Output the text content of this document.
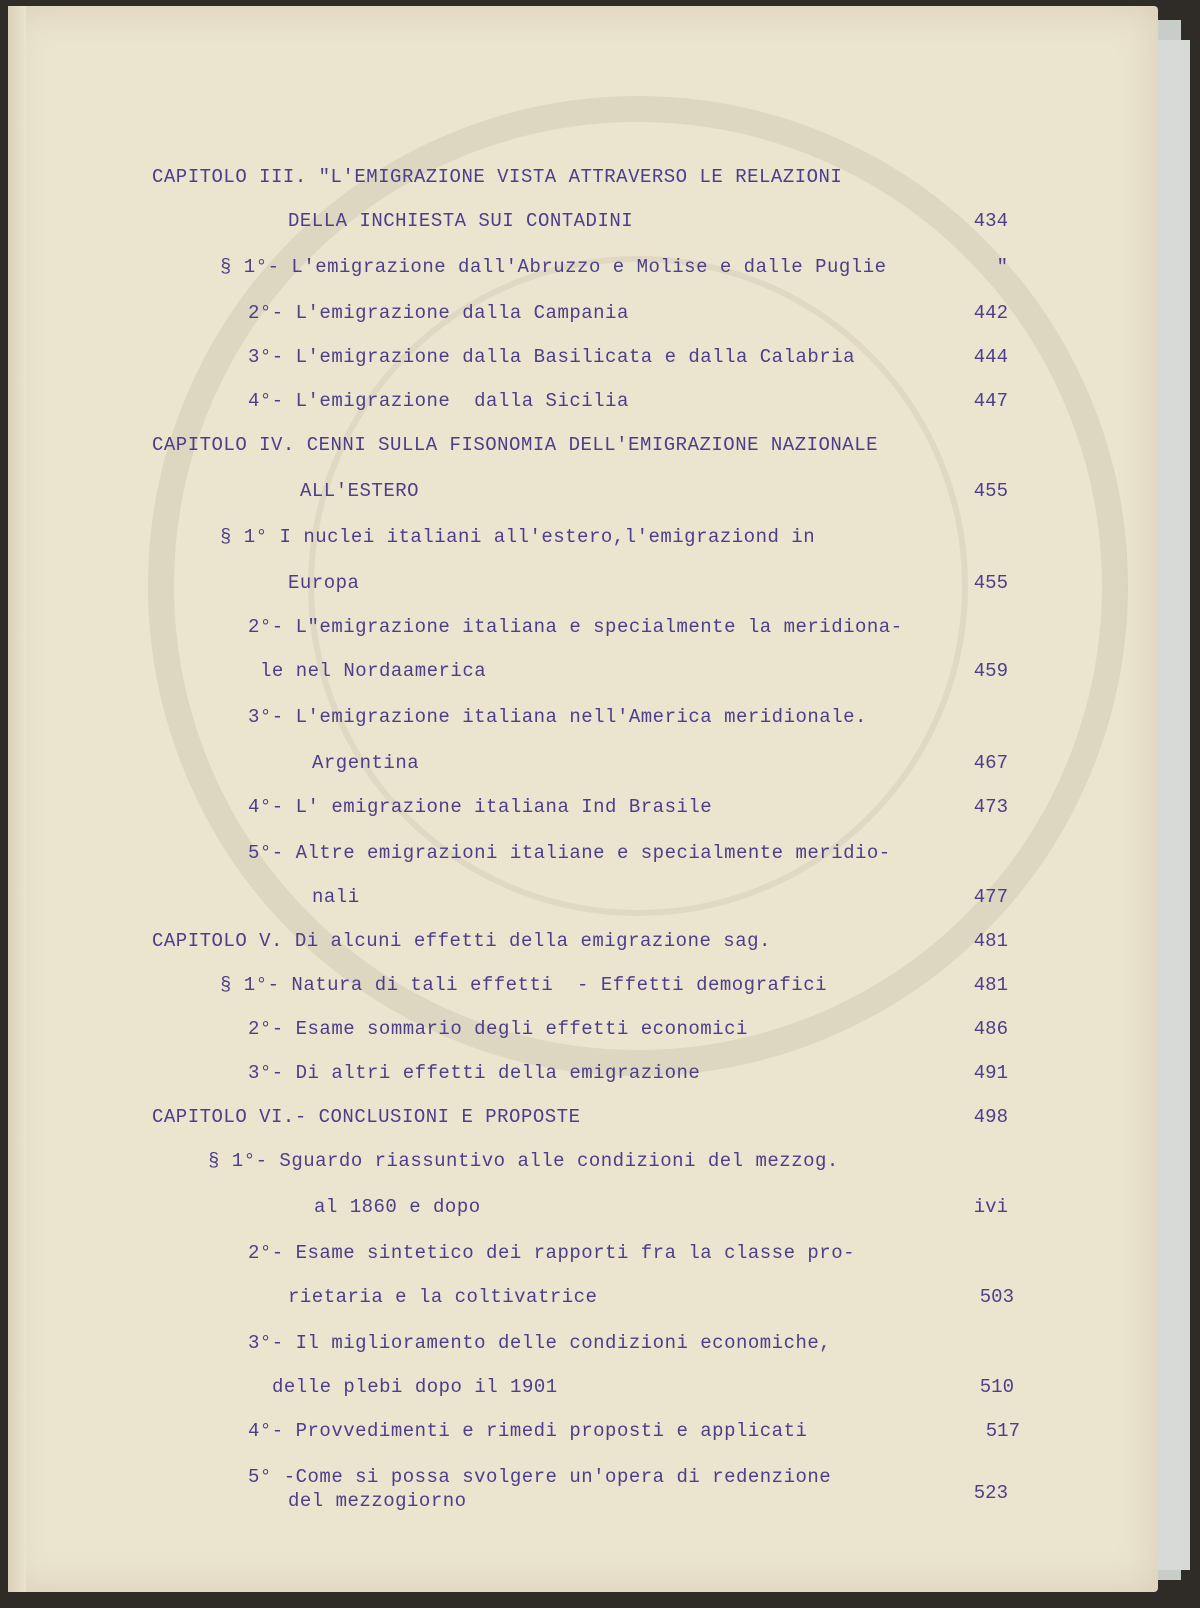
CAPITOLO III. "L'EMIGRAZIONE VISTA ATTRAVERSO LE RELAZIONI
DELLA INCHIESTA SUI CONTADINI	434
§ 1°- L'emigrazione dall'Abruzzo e Molise e dalle Puglie	"
2°- L'emigrazione dalla Campania	442
3°- L'emigrazione dalla Basilicata e dalla Calabria	444
4°- L'emigrazione  dalla Sicilia	447
CAPITOLO IV. CENNI SULLA FISONOMIA DELL'EMIGRAZIONE NAZIONALE
ALL'ESTERO	455
§ 1° I nuclei italiani all'estero,l'emigraziond in
Europa	455
2°- L"emigrazione italiana e specialmente la meridiona-
le nel Nordaamerica	459
3°- L'emigrazione italiana nell'America meridionale.
Argentina	467
4°- L' emigrazione italiana Ind Brasile	473
5°- Altre emigrazioni italiane e specialmente meridio-
nali	477
CAPITOLO V. Di alcuni effetti della emigrazione sag.	481
§ 1°- Natura di tali effetti  - Effetti demografici	481
2°- Esame sommario degli effetti economici	486
3°- Di altri effetti della emigrazione	491
CAPITOLO VI.- CONCLUSIONI E PROPOSTE	498
§ 1°- Sguardo riassuntivo alle condizioni del mezzog.
al 1860 e dopo	ivi
2°- Esame sintetico dei rapporti fra la classe pro-
rietaria e la coltivatrice	503
3°- Il miglioramento delle condizioni economiche,
delle plebi dopo il 1901	510
4°- Provvedimenti e rimedi proposti e applicati	517
5° -Come si possa svolgere un'opera di redenzione
del mezzogiorno	523
